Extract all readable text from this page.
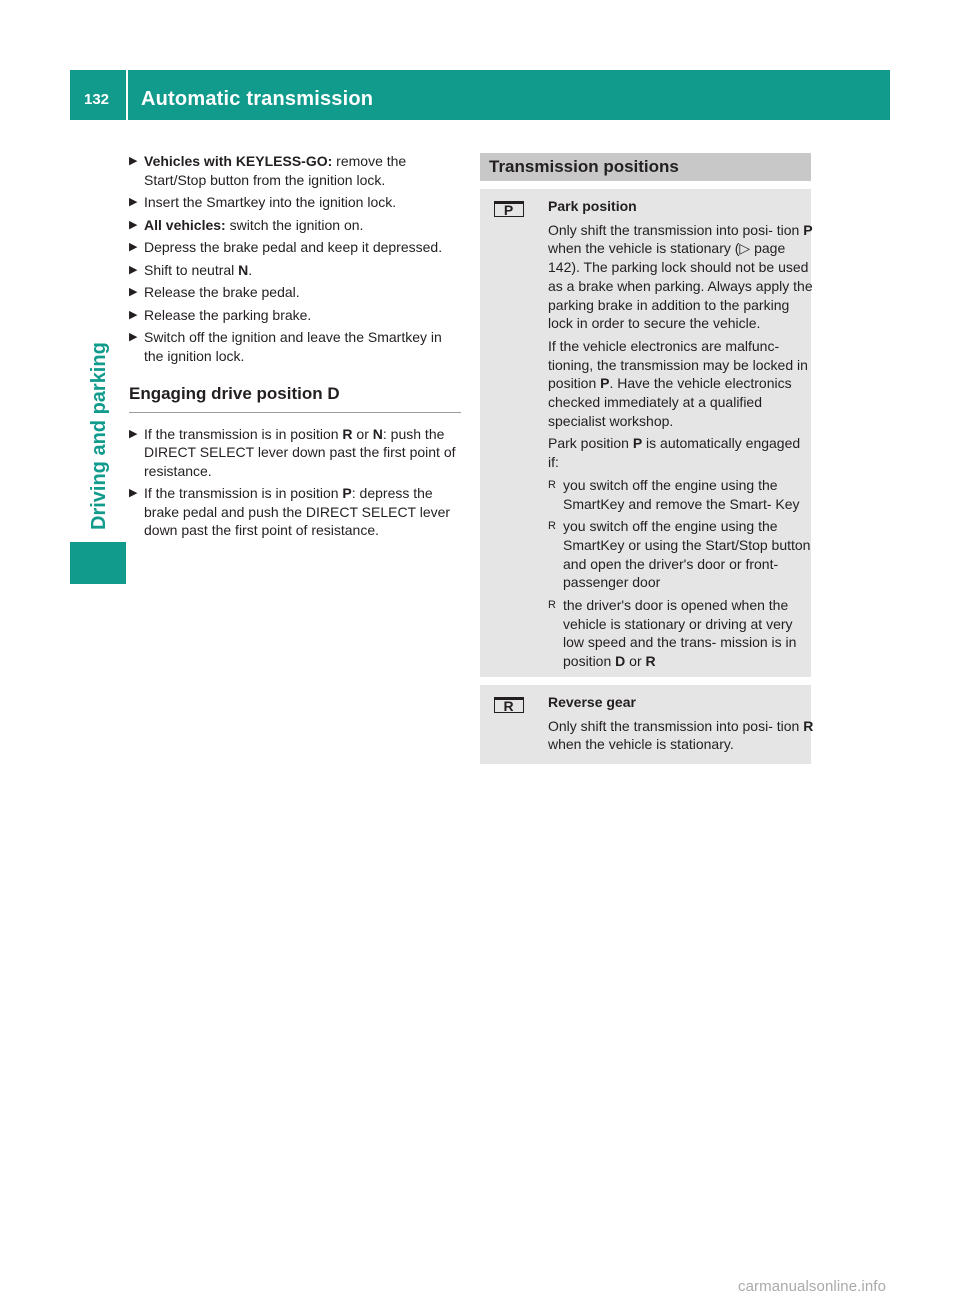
132 Automatic transmission
Driving and parking
▶ Vehicles with KEYLESS-GO: remove the Start/Stop button from the ignition lock.
▶ Insert the Smartkey into the ignition lock.
▶ All vehicles: switch the ignition on.
▶ Depress the brake pedal and keep it depressed.
▶ Shift to neutral N.
▶ Release the brake pedal.
▶ Release the parking brake.
▶ Switch off the ignition and leave the Smartkey in the ignition lock.
Engaging drive position D
▶ If the transmission is in position R or N: push the DIRECT SELECT lever down past the first point of resistance.
▶ If the transmission is in position P: depress the brake pedal and push the DIRECT SELECT lever down past the first point of resistance.
Transmission positions
P Park position
Only shift the transmission into posi- tion P when the vehicle is stationary (▷ page 142). The parking lock should not be used as a brake when parking. Always apply the parking brake in addition to the parking lock in order to secure the vehicle.
If the vehicle electronics are malfunc- tioning, the transmission may be locked in position P. Have the vehicle electronics checked immediately at a qualified specialist workshop.
Park position P is automatically engaged if:
R you switch off the engine using the SmartKey and remove the Smart- Key
R you switch off the engine using the SmartKey or using the Start/Stop button and open the driver's door or front-passenger door
R the driver's door is opened when the vehicle is stationary or driving at very low speed and the trans- mission is in position D or R
R Reverse gear
Only shift the transmission into posi- tion R when the vehicle is stationary.
carmanualsonline.info
